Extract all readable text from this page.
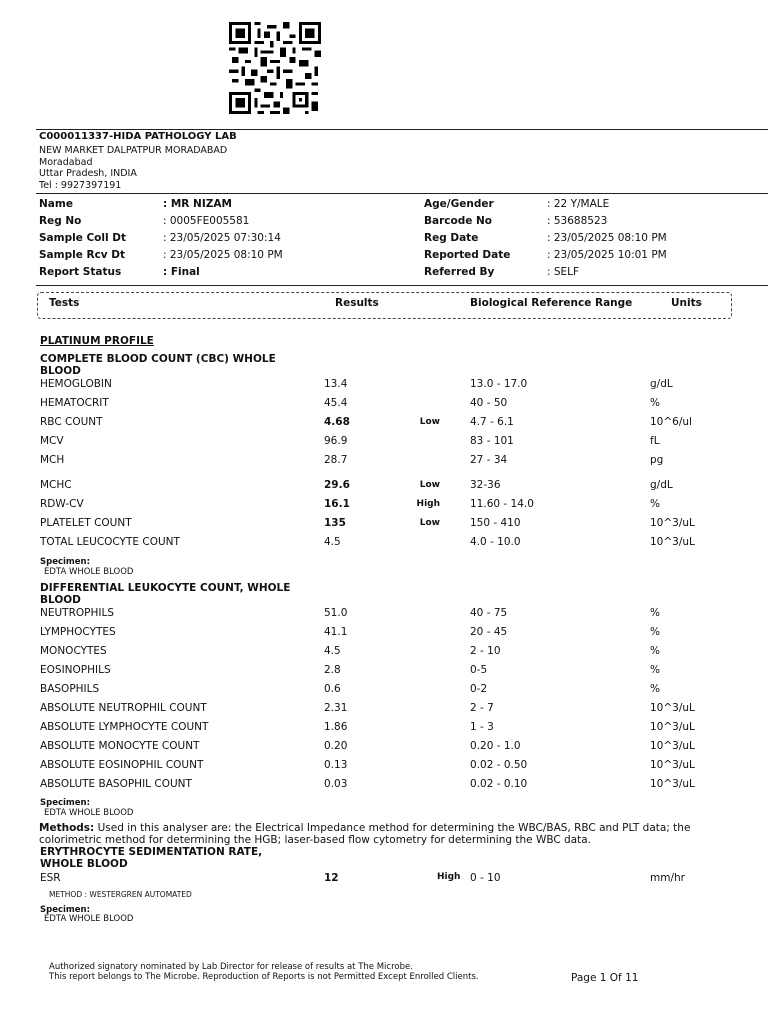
C000011337-HIDA PATHOLOGY LAB
NEW MARKET DALPATPUR MORADABAD
Moradabad
Uttar Pradesh, INDIA
Tel : 9927397191
Name	: MR NIZAM
Reg No	: 0005FE005581
Sample Coll Dt	: 23/05/2025 07:30:14
Sample Rcv Dt	: 23/05/2025 08:10 PM
Report Status	: Final
Age/Gender	: 22 Y/MALE
Barcode No	: 53688523
Reg Date	: 23/05/2025 08:10 PM
Reported Date	: 23/05/2025 10:01 PM
Referred By	: SELF
Tests	Results	Biological Reference Range	Units
PLATINUM PROFILE
COMPLETE BLOOD COUNT (CBC) WHOLE BLOOD
HEMOGLOBIN	13.4	13.0 - 17.0	g/dL
HEMATOCRIT	45.4	40 - 50	%
RBC COUNT	4.68	Low	4.7 - 6.1	10^6/ul
MCV	96.9	83 - 101	fL
MCH	28.7	27 - 34	pg
MCHC	29.6	Low	32-36	g/dL
RDW-CV	16.1	High	11.60 - 14.0	%
PLATELET COUNT	135	Low	150 - 410	10^3/uL
TOTAL LEUCOCYTE COUNT	4.5	4.0 - 10.0	10^3/uL
Specimen:
EDTA WHOLE BLOOD
DIFFERENTIAL LEUKOCYTE COUNT, WHOLE BLOOD
NEUTROPHILS	51.0	40 - 75	%
LYMPHOCYTES	41.1	20 - 45	%
MONOCYTES	4.5	2 - 10	%
EOSINOPHILS	2.8	0-5	%
BASOPHILS	0.6	0-2	%
ABSOLUTE NEUTROPHIL COUNT	2.31	2 - 7	10^3/uL
ABSOLUTE LYMPHOCYTE COUNT	1.86	1 - 3	10^3/uL
ABSOLUTE MONOCYTE COUNT	0.20	0.20 - 1.0	10^3/uL
ABSOLUTE EOSINOPHIL COUNT	0.13	0.02 - 0.50	10^3/uL
ABSOLUTE BASOPHIL COUNT	0.03	0.02 - 0.10	10^3/uL
Specimen:
EDTA WHOLE BLOOD
Methods: Used in this analyser are: the Electrical Impedance method for determining the WBC/BAS, RBC and PLT data; the colorimetric method for determining the HGB; laser-based flow cytometry for determining the WBC data.
ERYTHROCYTE SEDIMENTATION RATE, WHOLE BLOOD
ESR	12	High 0 - 10	mm/hr
METHOD : WESTERGREN AUTOMATED
Specimen:
EDTA WHOLE BLOOD
Authorized signatory nominated by Lab Director for release of results at The Microbe.
This report belongs to The Microbe. Reproduction of Reports is not Permitted Except Enrolled Clients.	Page 1 Of 11
